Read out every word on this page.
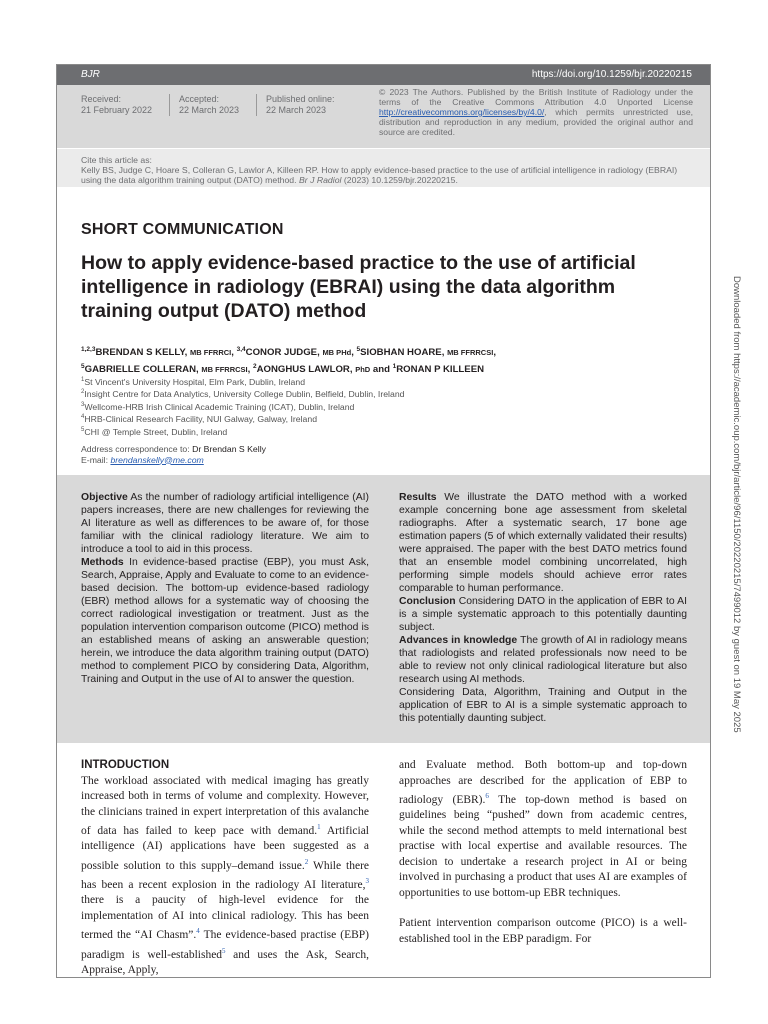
BJR	https://doi.org/10.1259/bjr.20220215
Received:
21 February 2022
Accepted:
22 March 2023
Published online:
22 March 2023
© 2023 The Authors. Published by the British Institute of Radiology under the terms of the Creative Commons Attribution 4.0 Unported License http://creativecommons.org/licenses/by/4.0/, which permits unrestricted use, distribution and reproduction in any medium, provided the original author and source are credited.
Cite this article as:
Kelly BS, Judge C, Hoare S, Colleran G, Lawlor A, Killeen RP. How to apply evidence-based practice to the use of artificial intelligence in radiology (EBRAI) using the data algorithm training output (DATO) method. Br J Radiol (2023) 10.1259/bjr.20220215.
SHORT COMMUNICATION
How to apply evidence-based practice to the use of artificial intelligence in radiology (EBRAI) using the data algorithm training output (DATO) method
$^{1,2,3}$BRENDAN S KELLY, MB FFRRCI, $^{3,4}$CONOR JUDGE, MB PHd, $^5$SIOBHAN HOARE, MB FFRRCSI,
$^5$GABRIELLE COLLERAN, MB FFRRCSI, $^2$AONGHUS LAWLOR, PhD and $^1$RONAN P KILLEEN
$^1$St Vincent's University Hospital, Elm Park, Dublin, Ireland
$^2$Insight Centre for Data Analytics, University College Dublin, Belfield, Dublin, Ireland
$^3$Wellcome-HRB Irish Clinical Academic Training (ICAT), Dublin, Ireland
$^4$HRB-Clinical Research Facility, NUI Galway, Galway, Ireland
$^5$CHI @ Temple Street, Dublin, Ireland
Address correspondence to: Dr Brendan S Kelly
E-mail: brendanskelly@me.com
Objective As the number of radiology artificial intelligence (AI) papers increases, there are new challenges for reviewing the AI literature as well as differences to be aware of, for those familiar with the clinical radiology literature. We aim to introduce a tool to aid in this process.
Methods In evidence-based practise (EBP), you must Ask, Search, Appraise, Apply and Evaluate to come to an evidence-based decision. The bottom-up evidence-based radiology (EBR) method allows for a systematic way of choosing the correct radiological investigation or treatment. Just as the population intervention comparison outcome (PICO) method is an established means of asking an answerable question; herein, we introduce the data algorithm training output (DATO) method to complement PICO by considering Data, Algorithm, Training and Output in the use of AI to answer the question.
Results We illustrate the DATO method with a worked example concerning bone age assessment from skeletal radiographs. After a systematic search, 17 bone age estimation papers (5 of which externally validated their results) were appraised. The paper with the best DATO metrics found that an ensemble model combining uncorrelated, high performing simple models should achieve error rates comparable to human performance.
Conclusion Considering DATO in the application of EBR to AI is a simple systematic approach to this potentially daunting subject.
Advances in knowledge The growth of AI in radiology means that radiologists and related professionals now need to be able to review not only clinical radiological literature but also research using AI methods.
Considering Data, Algorithm, Training and Output in the application of EBR to AI is a simple systematic approach to this potentially daunting subject.
INTRODUCTION

The workload associated with medical imaging has greatly increased both in terms of volume and complexity. However, the clinicians trained in expert interpretation of this avalanche of data has failed to keep pace with demand.$^1$ Artificial intelligence (AI) applications have been suggested as a possible solution to this supply–demand issue.$^2$ While there has been a recent explosion in the radiology AI literature,$^3$ there is a paucity of high-level evidence for the implementation of AI into clinical radiology. This has been termed the “AI Chasm”.$^4$ The evidence-based practise (EBP) paradigm is well-established$^5$ and uses the Ask, Search, Appraise, Apply,

and Evaluate method. Both bottom-up and top-down approaches are described for the application of EBP to radiology (EBR).$^6$ The top-down method is based on guidelines being “pushed” down from academic centres, while the second method attempts to meld international best practise with local expertise and available resources. The decision to undertake a research project in AI or being involved in purchasing a product that uses AI are examples of opportunities to use bottom-up EBR techniques.

Patient intervention comparison outcome (PICO) is a well-established tool in the EBP paradigm. For

Downloaded from https://academic.oup.com/bjr/article/96/1150/20220215/7499012 by guest on 19 May 2025
